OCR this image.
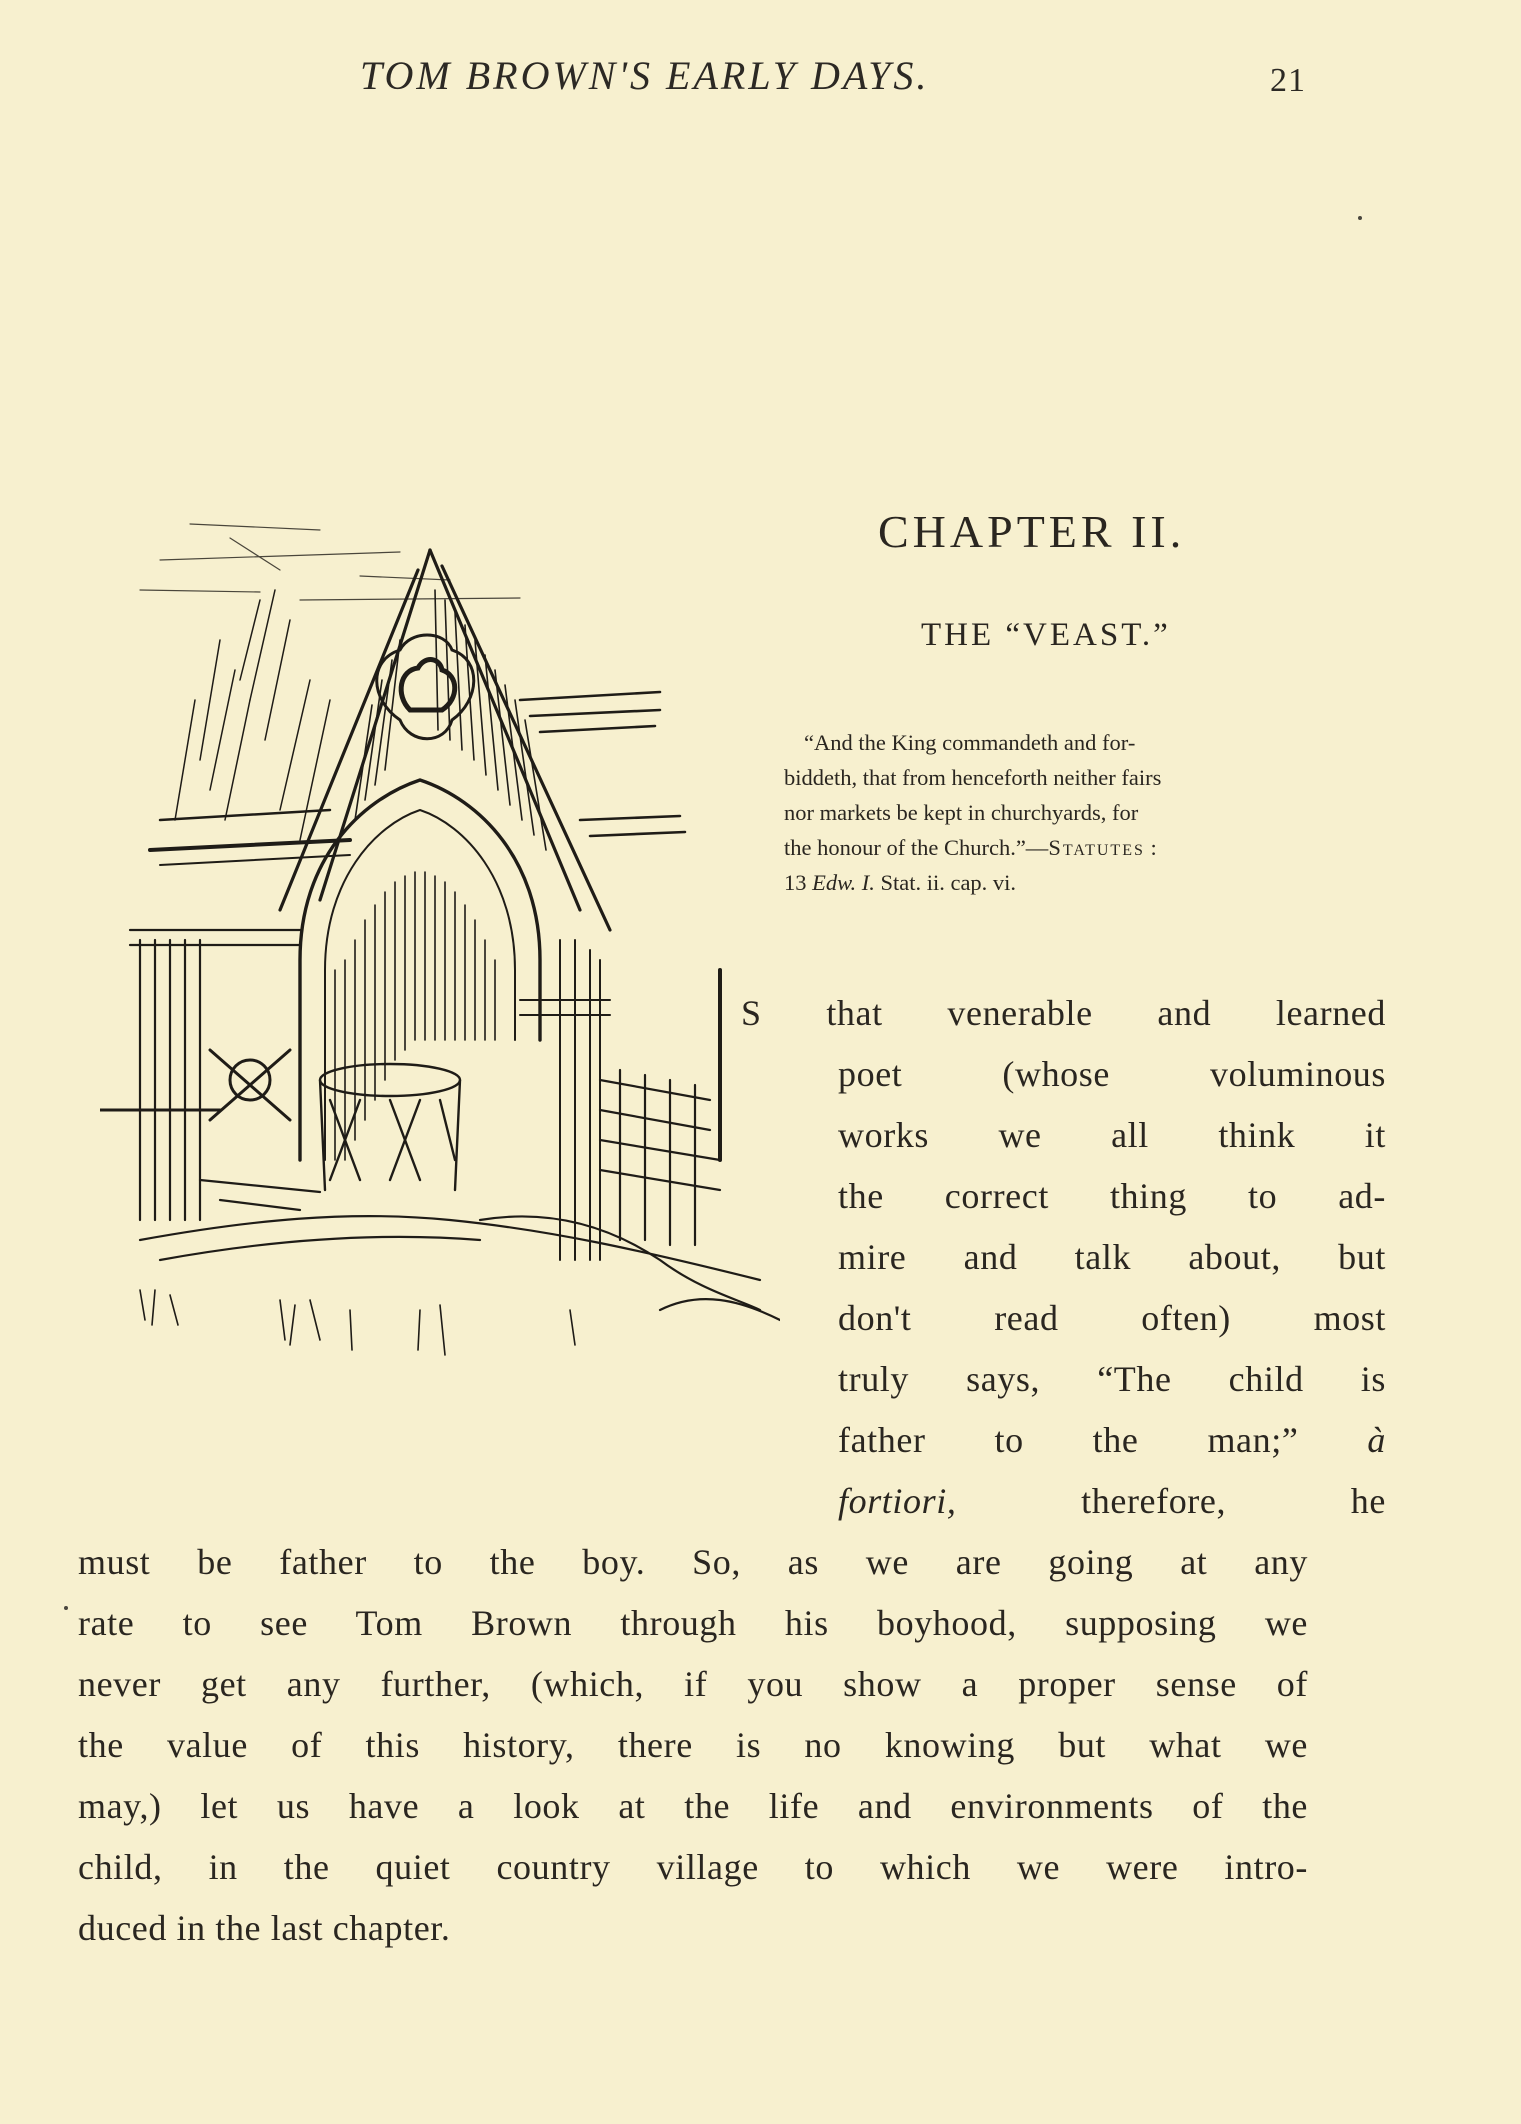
TOM BROWN'S EARLY DAYS.	21
CHAPTER II.
THE “VEAST.”

“And the King commandeth and for-

biddeth, that from henceforth neither fairs

nor markets be kept in churchyards, for

the honour of the Church.”—Statutes :

13 Edw. I. Stat. ii. cap. vi.

S that venerable and learned
poet (whose voluminous
works we all think it
the correct thing to ad-
mire and talk about, but
don't read often) most
truly says, “The child is
father to the man;” à
fortiori,	therefore, he
must be father to the boy. So, as we are going at any
rate to see Tom Brown through his boyhood, supposing we
never get any further, (which, if you show a proper sense of
the value of this history, there is no knowing but what we
may,) let us have a look at the life and environments of the
child, in the quiet country village to which we were intro-
duced in the last chapter.
